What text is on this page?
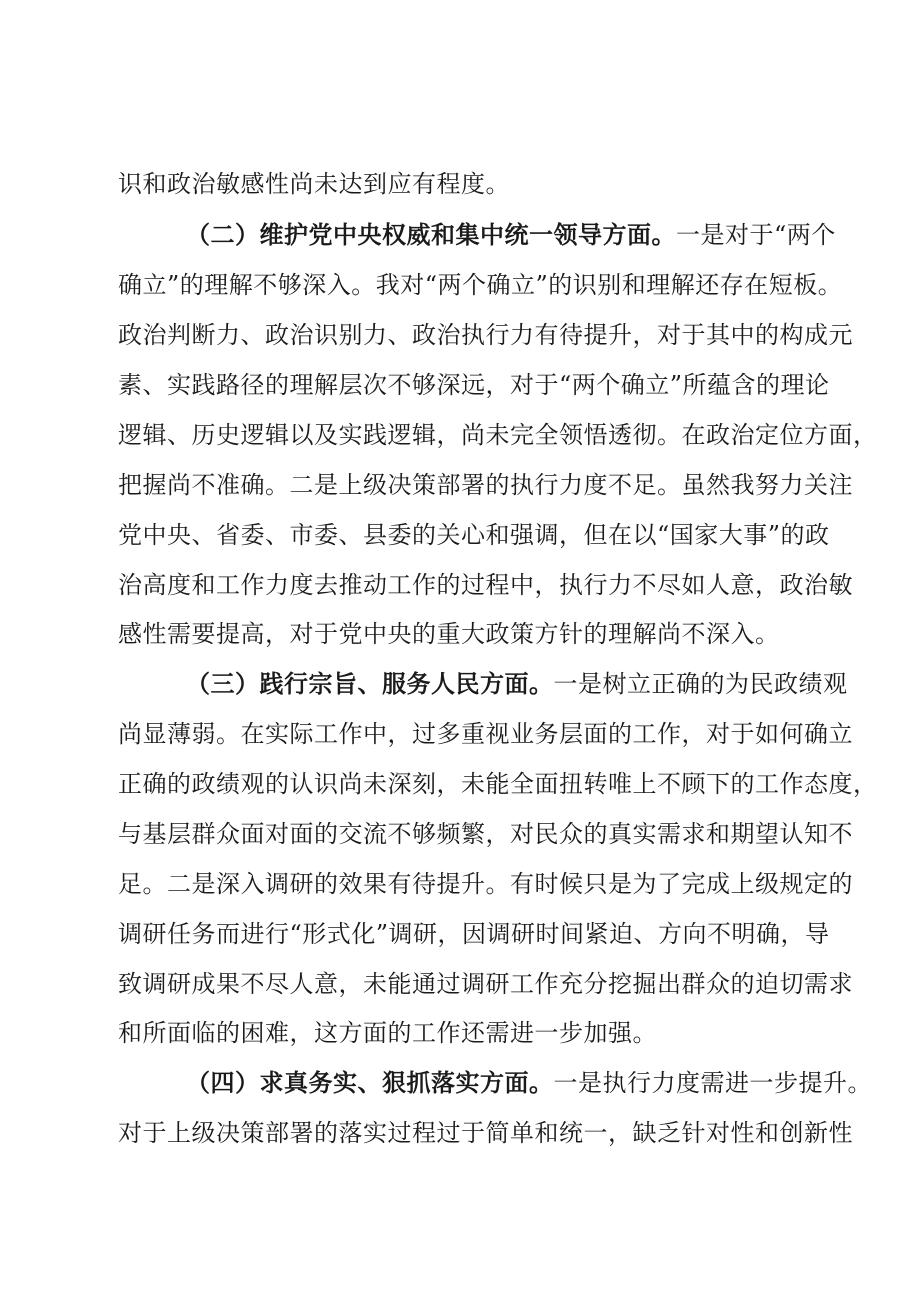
识和政治敏感性尚未达到应有程度。
（二）维护党中央权威和集中统一领导方面。一是对于“两个
确立”的理解不够深入。我对“两个确立”的识别和理解还存在短板。
政治判断力、政治识别力、政治执行力有待提升，对于其中的构成元
素、实践路径的理解层次不够深远，对于“两个确立”所蕴含的理论
逻辑、历史逻辑以及实践逻辑，尚未完全领悟透彻。在政治定位方面，
把握尚不准确。二是上级决策部署的执行力度不足。虽然我努力关注
党中央、省委、市委、县委的关心和强调，但在以“国家大事”的政
治高度和工作力度去推动工作的过程中，执行力不尽如人意，政治敏
感性需要提高，对于党中央的重大政策方针的理解尚不深入。
（三）践行宗旨、服务人民方面。一是树立正确的为民政绩观
尚显薄弱。在实际工作中，过多重视业务层面的工作，对于如何确立
正确的政绩观的认识尚未深刻，未能全面扭转唯上不顾下的工作态度，
与基层群众面对面的交流不够频繁，对民众的真实需求和期望认知不
足。二是深入调研的效果有待提升。有时候只是为了完成上级规定的
调研任务而进行“形式化”调研，因调研时间紧迫、方向不明确，导
致调研成果不尽人意，未能通过调研工作充分挖掘出群众的迫切需求
和所面临的困难，这方面的工作还需进一步加强。
（四）求真务实、狠抓落实方面。一是执行力度需进一步提升。
对于上级决策部署的落实过程过于简单和统一，缺乏针对性和创新性
